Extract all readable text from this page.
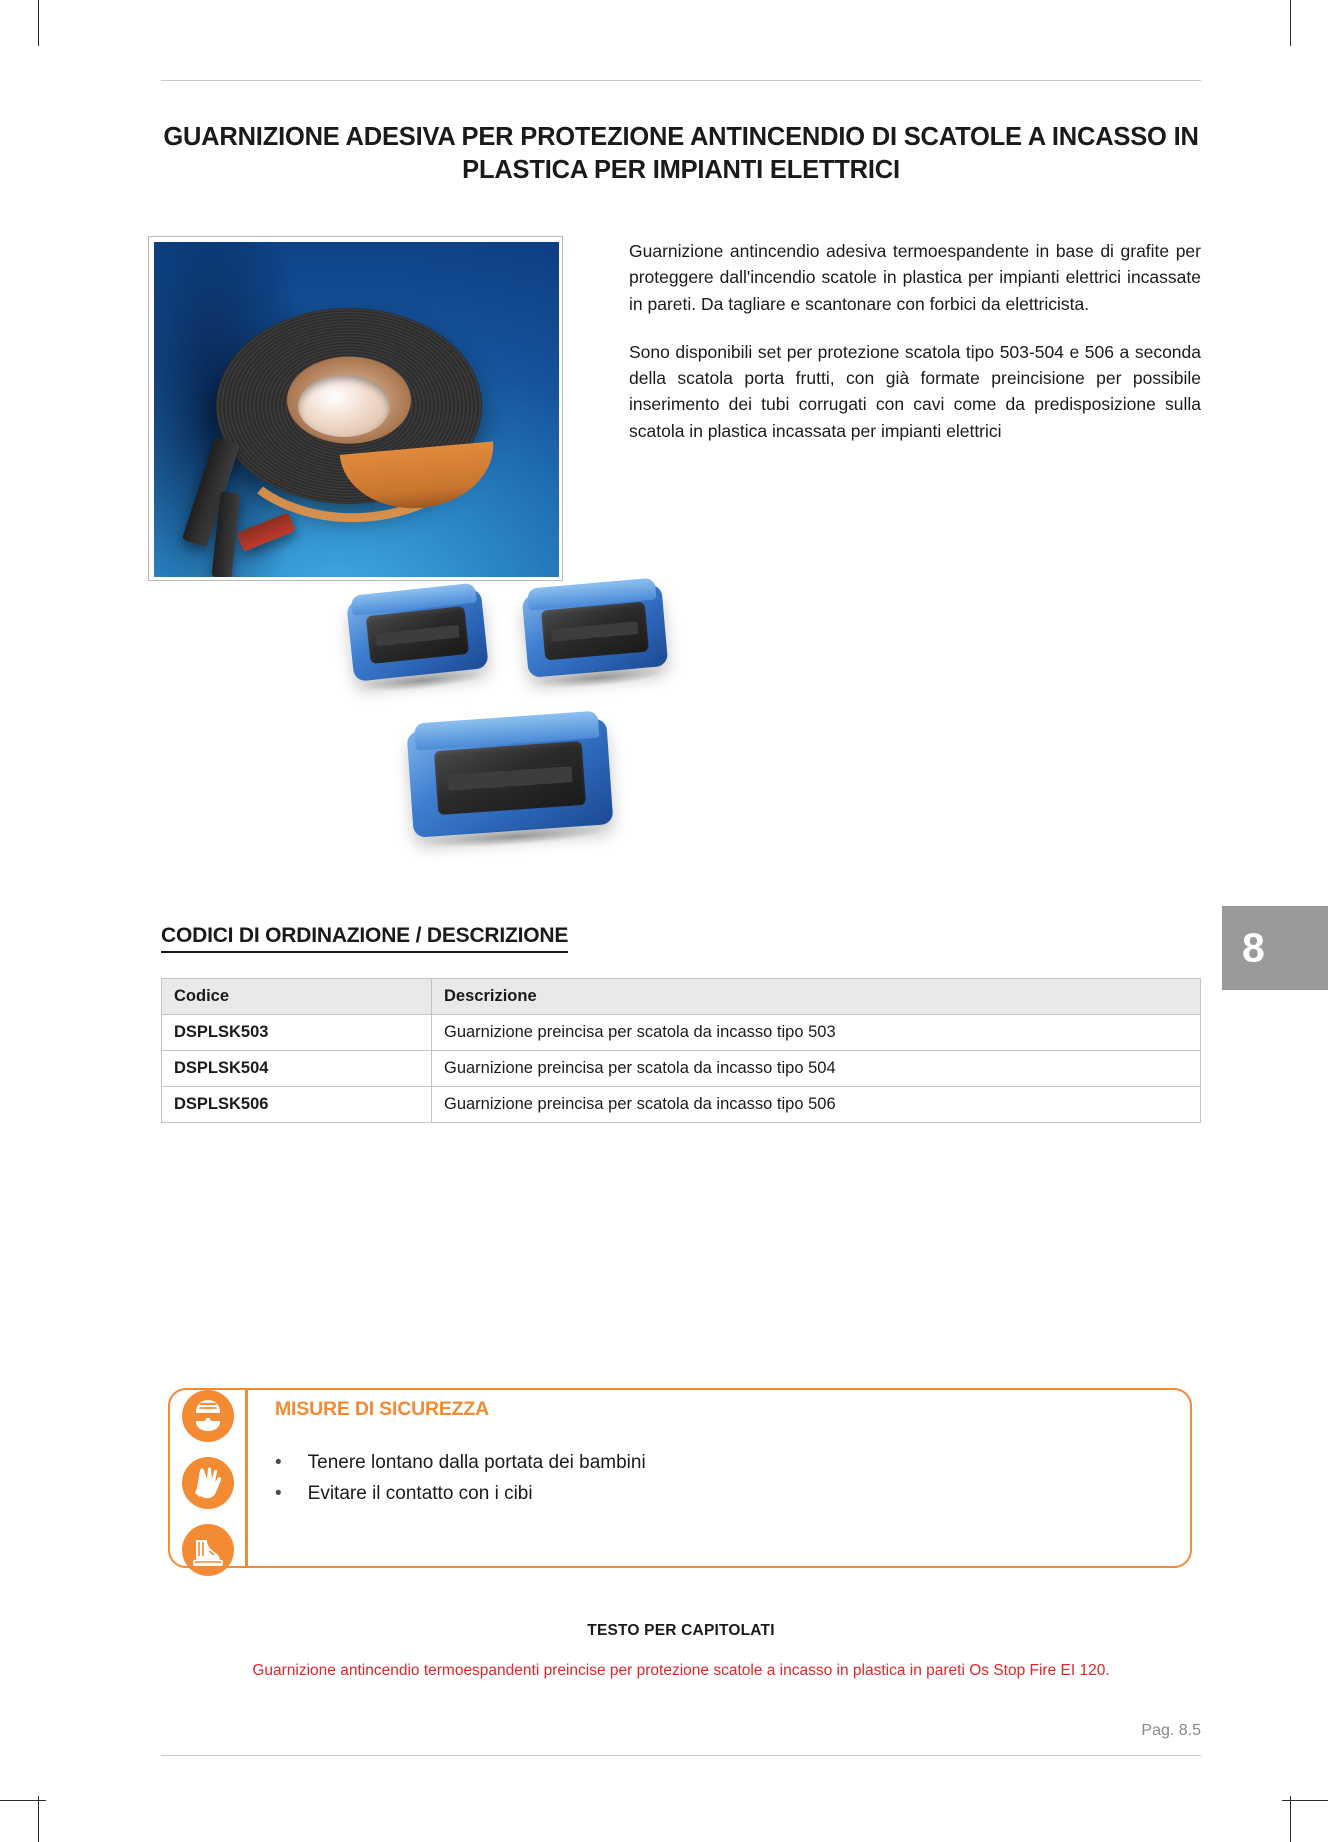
GUARNIZIONE ADESIVA PER PROTEZIONE ANTINCENDIO DI SCATOLE A INCASSO IN PLASTICA PER IMPIANTI ELETTRICI

Guarnizione antincendio adesiva termoespandente in base di grafite per proteggere dall'incendio scatole in plastica per impianti elettrici incassate in pareti. Da tagliare e scantonare con forbici da elettricista.

Sono disponibili set per protezione scatola tipo 503-504 e 506 a seconda della scatola porta frutti, con già formate preincisione per possibile inserimento dei tubi corrugati con cavi come da predisposizione sulla scatola in plastica incassata per impianti elettrici

CODICI DI ORDINAZIONE / DESCRIZIONE	8
Codice	Descrizione
DSPLSK503	Guarnizione preincisa per scatola da incasso tipo 503
DSPLSK504	Guarnizione preincisa per scatola da incasso tipo 504
DSPLSK506	Guarnizione preincisa per scatola da incasso tipo 506
MISURE DI SICUREZZA
• Tenere lontano dalla portata dei bambini
• Evitare il contatto con i cibi
TESTO PER CAPITOLATI
Guarnizione antincendio termoespandenti preincise per protezione scatole a incasso in plastica in pareti Os Stop Fire EI 120.
Pag. 8.5
